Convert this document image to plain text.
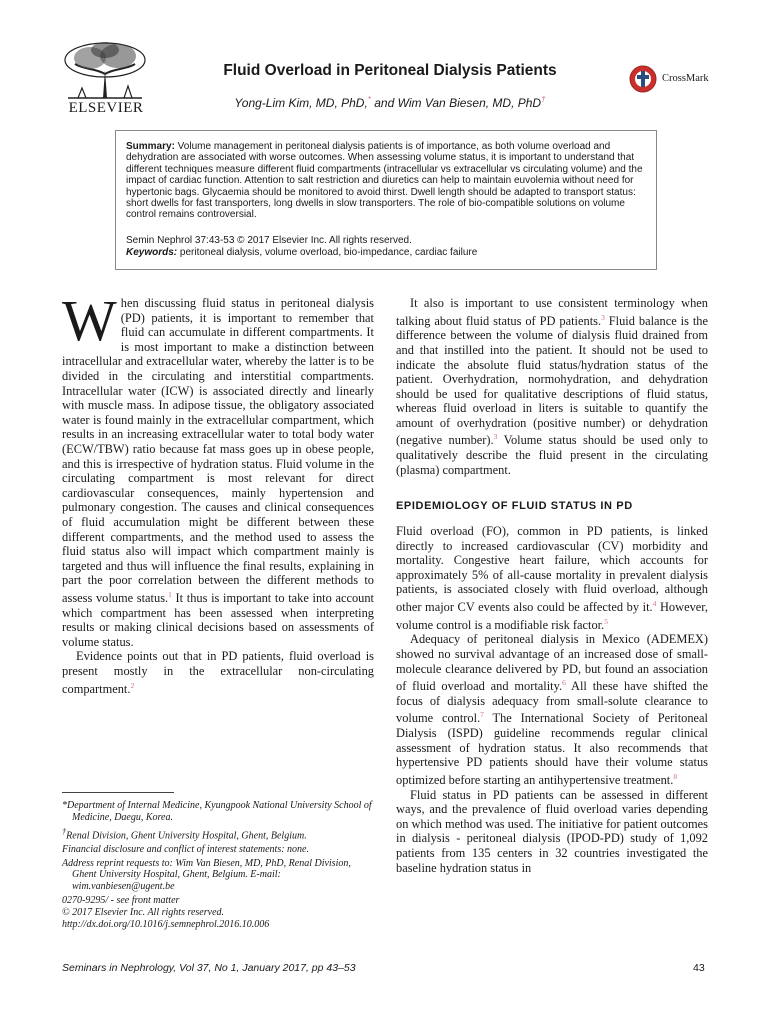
ELSEVIER
Fluid Overload in Peritoneal Dialysis Patients
Yong-Lim Kim, MD, PhD,* and Wim Van Biesen, MD, PhD†
CrossMark

Summary: Volume management in peritoneal dialysis patients is of importance, as both volume overload and dehydration are associated with worse outcomes. When assessing volume status, it is important to understand that different techniques measure different fluid compartments (intracellular vs extracellular vs circulating volume) and the impact of cardiac function. Attention to salt restriction and diuretics can help to maintain euvolemia without need for hypertonic bags. Glycaemia should be monitored to avoid thirst. Dwell length should be adapted to transport status: short dwells for fast transporters, long dwells in slow transporters. The role of bio-compatible solutions on volume control remains controversial.

Semin Nephrol 37:43-53 © 2017 Elsevier Inc. All rights reserved.

Keywords: peritoneal dialysis, volume overload, bio-impedance, cardiac failure

When discussing fluid status in peritoneal dialysis (PD) patients, it is important to remember that fluid can accumulate in different compartments. It is most important to make a distinction between intracellular and extracellular water, whereby the latter is to be divided in the circulating and interstitial compartments. Intracellular water (ICW) is associated directly and linearly with muscle mass. In adipose tissue, the obligatory associated water is found mainly in the extracellular compartment, which results in an increasing extracellular water to total body water (ECW/TBW) ratio because fat mass goes up in obese people, and this is irrespective of hydration status. Fluid volume in the circulating compartment is most relevant for direct cardiovascular consequences, mainly hypertension and pulmonary congestion. The causes and clinical consequences of fluid accumulation might be different between these different compartments, and the method used to assess the fluid status also will impact which compartment mainly is targeted and thus will influence the final results, explaining in part the poor correlation between the different methods to assess volume status.$^1$ It thus is important to take into account which compartment has been assessed when interpreting results or making clinical decisions based on assessments of volume status.

Evidence points out that in PD patients, fluid overload is present mostly in the extracellular non-circulating compartment.$^2$

*Department of Internal Medicine, Kyungpook National University School of Medicine, Daegu, Korea.

†Renal Division, Ghent University Hospital, Ghent, Belgium.

Financial disclosure and conflict of interest statements: none.

Address reprint requests to: Wim Van Biesen, MD, PhD, Renal Division, Ghent University Hospital, Ghent, Belgium. E-mail: wim.vanbiesen@ugent.be

0270-9295/ - see front matter

© 2017 Elsevier Inc. All rights reserved.

http://dx.doi.org/10.1016/j.semnephrol.2016.10.006

It also is important to use consistent terminology when talking about fluid status of PD patients.$^3$ Fluid balance is the difference between the volume of dialysis fluid drained from and that instilled into the patient. It should not be used to indicate the absolute fluid status/hydration status of the patient. Overhydration, normohydration, and dehydration should be used for qualitative descriptions of fluid status, whereas fluid overload in liters is suitable to quantify the amount of overhydration (positive number) or dehydration (negative number).$^3$ Volume status should be used only to qualitatively describe the fluid present in the circulating (plasma) compartment.

EPIDEMIOLOGY OF FLUID STATUS IN PD

Fluid overload (FO), common in PD patients, is linked directly to increased cardiovascular (CV) morbidity and mortality. Congestive heart failure, which accounts for approximately 5% of all-cause mortality in prevalent dialysis patients, is associated closely with fluid overload, although other major CV events also could be affected by it.$^4$ However, volume control is a modifiable risk factor.$^5$

Adequacy of peritoneal dialysis in Mexico (ADEMEX) showed no survival advantage of an increased dose of small-molecule clearance delivered by PD, but found an association of fluid overload and mortality.$^6$ All these have shifted the focus of dialysis adequacy from small-solute clearance to volume control.$^7$ The International Society of Peritoneal Dialysis (ISPD) guideline recommends regular clinical assessment of hydration status. It also recommends that hypertensive PD patients should have their volume status optimized before starting an antihypertensive treatment.$^8$

Fluid status in PD patients can be assessed in different ways, and the prevalence of fluid overload varies depending on which method was used. The initiative for patient outcomes in dialysis - peritoneal dialysis (IPOD-PD) study of 1,092 patients from 135 centers in 32 countries investigated the baseline hydration status in

Seminars in Nephrology, Vol 37, No 1, January 2017, pp 43–53	43
